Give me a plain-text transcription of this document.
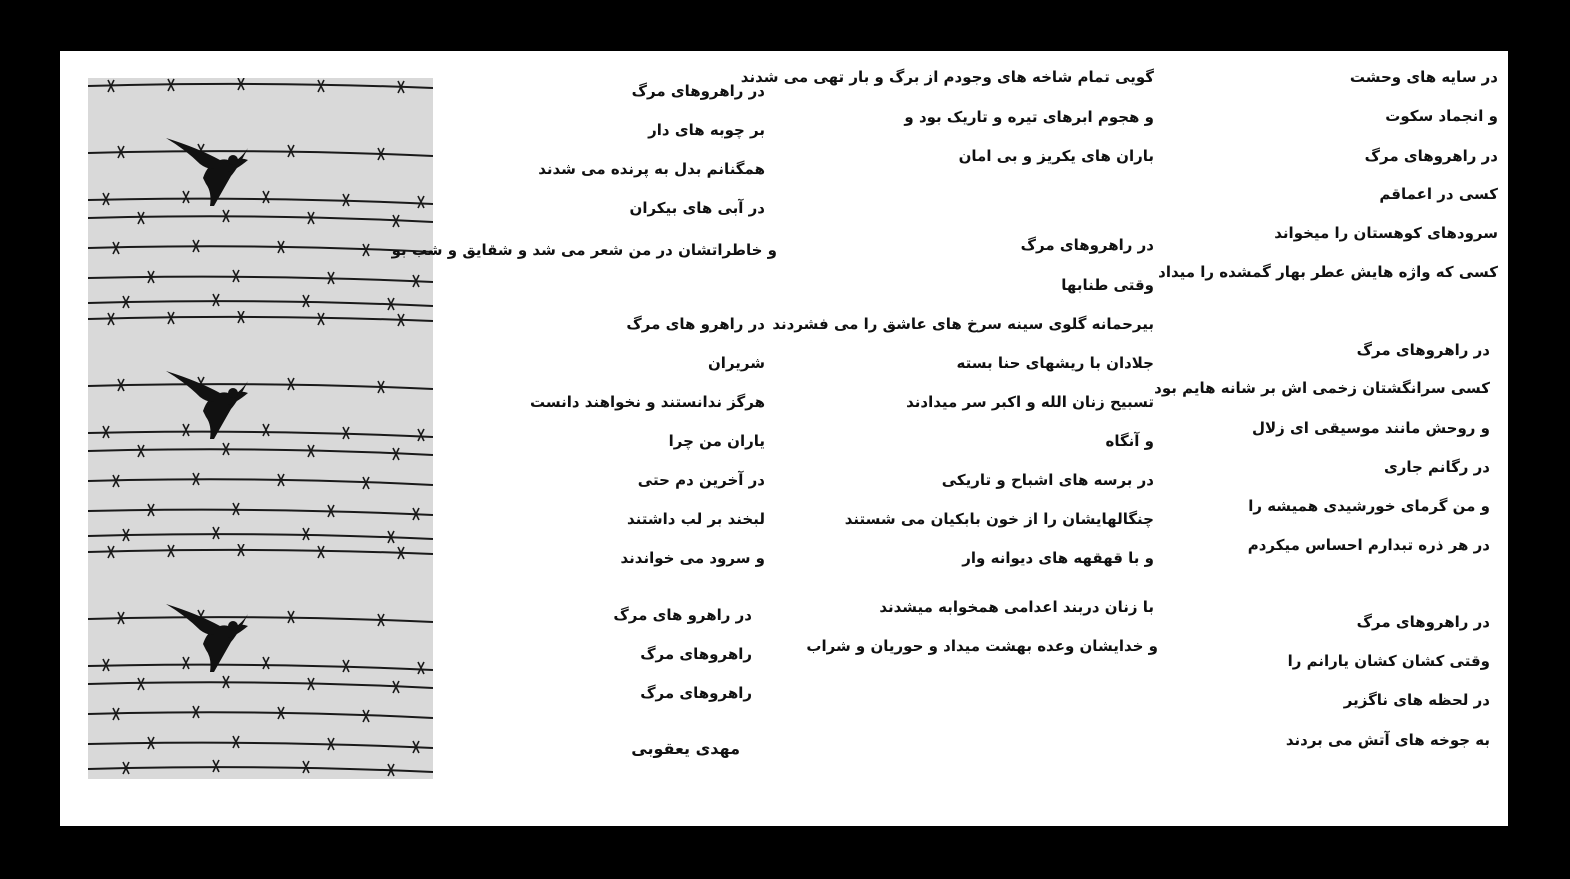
در سایه های وحشت
و انجماد سکوت
در راهروهای مرگ
کسی در اعماقم
سرودهای کوهستان را میخواند
کسی که واژه هایش عطر بهار گمشده را میداد
در راهروهای مرگ
کسی سرانگشتان زخمی اش بر شانه هایم بود
و روحش مانند موسیقی ای زلال
در رگانم جاری
و من گرمای خورشیدی همیشه را
در هر ذره تبدارم احساس میکردم
در راهروهای مرگ
وقتی کشان کشان یارانم را
در لحظه های ناگزیر
به جوخه های آتش می بردند
گویی تمام شاخه های وجودم از برگ و بار تهی می شدند
و هجوم ابرهای تیره و تاریک بود و
باران های یکریز و بی امان
در راهروهای مرگ
وقتی طنابها
بیرحمانه گلوی سینه سرخ های عاشق را می فشردند
جلادان با ریشهای حنا بسته
تسبیح زنان الله و اکبر سر میدادند
و آنگاه
در برسه های اشباح و تاریکی
چنگالهایشان را از خون بابکیان می شستند
و با قهقهه های دیوانه وار
با زنان دربند اعدامی همخوابه میشدند
و خدایشان وعده بهشت میداد و حوریان و شراب
در راهروهای مرگ
بر چوبه های دار
همگنانم بدل به پرنده می شدند
در آبی های بیکران
و خاطراتشان در من شعر می شد و شقایق و شب بو
در راهرو های مرگ
شریران
هرگز ندانستند و نخواهند دانست
یاران من چرا
در آخرین دم حتی
لبخند بر لب داشتند
و سرود می خواندند
در راهرو های مرگ
راهروهای مرگ
راهروهای مرگ
مهدی یعقوبی
